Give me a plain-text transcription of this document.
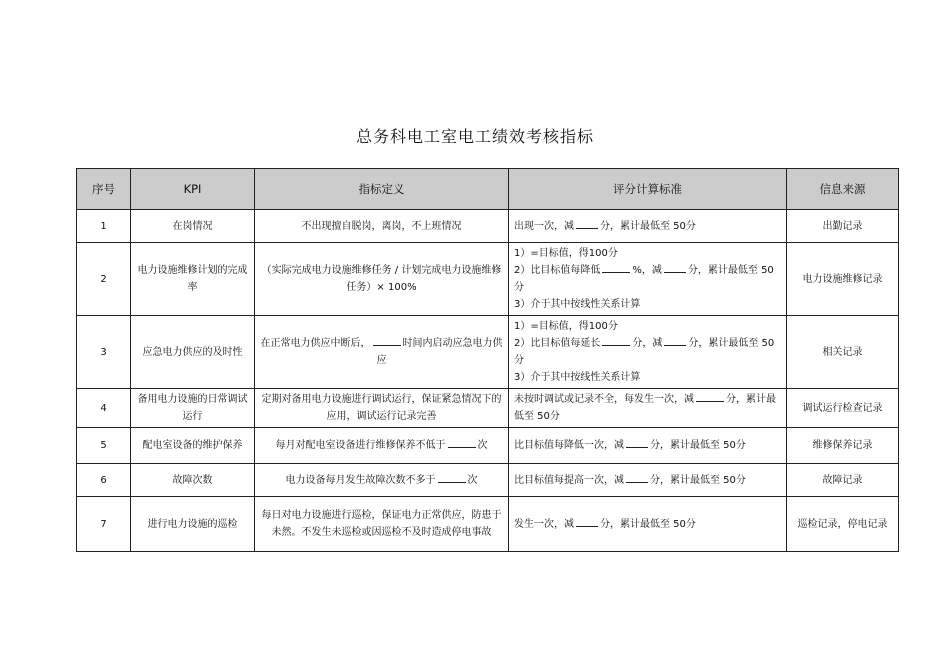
总务科电工室电工绩效考核指标
序号	KPI	指标定义	评分计算标准	信息来源
1	在岗情况	不出现擅自脱岗，离岗，不上班情况	出现一次，减 分，累计最低至 50分	出勤记录
2	电力设施维修计划的完成率	（实际完成电力设施维修任务 / 计划完成电力设施维修任务）× 100%	1）=目标值，得100分
2）比目标值每降低 %，减 分，累计最低至 50分
3）介于其中按线性关系计算	电力设施维修记录
3	应急电力供应的及时性	在正常电力供应中断后， 时间内启动应急电力供应	1）=目标值，得100分
2）比目标值每延长 分，减 分，累计最低至 50分
3）介于其中按线性关系计算	相关记录
4	备用电力设施的日常调试运行	定期对备用电力设施进行调试运行，保证紧急情况下的应用，调试运行记录完善	未按时调试或记录不全，每发生一次，减 分，累计最低至 50分	调试运行检查记录
5	配电室设备的维护保养	每月对配电室设备进行维修保养不低于 次	比目标值每降低一次，减 分，累计最低至 50分	维修保养记录
6	故障次数	电力设备每月发生故障次数不多于 次	比目标值每提高一次，减 分，累计最低至 50分	故障记录
7	进行电力设施的巡检	每日对电力设施进行巡检，保证电力正常供应，防患于未然。不发生未巡检或因巡检不及时造成停电事故	发生一次，减 分，累计最低至 50分	巡检记录，停电记录
